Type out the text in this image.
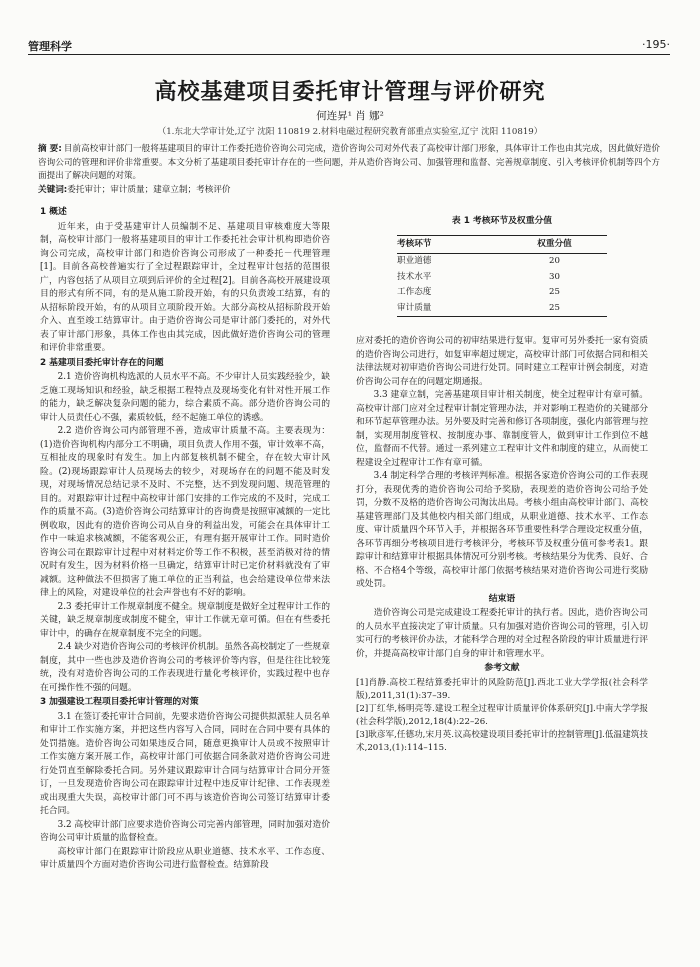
管理科学	·195·
高校基建项目委托审计管理与评价研究
何连昇¹ 肖 娜²
（1.东北大学审计处,辽宁 沈阳 110819 2.材料电磁过程研究教育部重点实验室,辽宁 沈阳 110819）
摘 要: 目前高校审计部门一般将基建项目的审计工作委托造价咨询公司完成，造价咨询公司对外代表了高校审计部门形象，具体审计工作也由其完成，因此做好造价咨询公司的管理和评价非常重要。本文分析了基建项目委托审计存在的一些问题，并从造价咨询公司、加强管理和监督、完善规章制度、引入考核评价机制等四个方面提出了解决问题的对策。
关键词:委托审计；审计质量；建章立制；考核评价
1 概述

近年来，由于受基建审计人员编制不足、基建项目审核难度大等限制，高校审计部门一般将基建项目的审计工作委托社会审计机构即造价咨询公司完成，高校审计部门和造价咨询公司形成了一种委托－代理管理[1]。目前各高校普遍实行了全过程跟踪审计，全过程审计包括的范围很广，内容包括了从项目立项到后评价的全过程[2]。目前各高校开展建设项目的形式有所不同，有的是从施工阶段开始，有的只负责竣工结算，有的从招标阶段开始，有的从项目立项阶段开始。大部分高校从招标阶段开始介入、直至竣工结算审计。由于造价咨询公司是审计部门委托的，对外代表了审计部门形象，具体工作也由其完成，因此做好造价咨询公司的管理和评价非常重要。

2 基建项目委托审计存在的问题

2.1 造价咨询机构选派的人员水平不高。不少审计人员实践经验少，缺乏施工现场知识和经验，缺乏根据工程特点及现场变化有针对性开展工作的能力，缺乏解决复杂问题的能力，综合素质不高。部分造价咨询公司的审计人员责任心不强，素质较低，经不起施工单位的诱惑。

2.2 造价咨询公司内部管理不善，造成审计质量不高。主要表现为：(1)造价咨询机构内部分工不明确，项目负责人作用不强，审计效率不高，互相扯皮的现象时有发生。加上内部复核机制不健全，存在较大审计风险。(2)现场跟踪审计人员现场去的较少，对现场存在的问题不能及时发现，对现场情况总结记录不及时、不完整，达不到发现问题、规范管理的目的。对跟踪审计过程中高校审计部门安排的工作完成的不及时，完成工作的质量不高。(3)造价咨询公司结算审计的咨询费是按照审减额的一定比例收取，因此有的造价咨询公司从自身的利益出发，可能会在具体审计工作中一味追求核减额，不能客观公正，有理有据开展审计工作。同时造价咨询公司在跟踪审计过程中对材料定价等工作不积极，甚至消极对待的情况时有发生，因为材料价格一旦确定，结算审计时已定价材料就没有了审减额。这种做法不但损害了施工单位的正当利益，也会给建设单位带来法律上的风险，对建设单位的社会声誉也有不好的影响。

2.3 委托审计工作规章制度不健全。规章制度是做好全过程审计工作的关键，缺乏规章制度或制度不健全，审计工作就无章可循。但在有些委托审计中，的确存在规章制度不完全的问题。

2.4 缺少对造价咨询公司的考核评价机制。虽然各高校制定了一些规章制度，其中一些也涉及造价咨询公司的考核评价等内容，但是往往比较笼统，没有对造价咨询公司的工作表现进行量化考核评价，实践过程中也存在可操作性不强的问题。

3 加强建设工程项目委托审计管理的对策

3.1 在签订委托审计合同前，先要求造价咨询公司提供拟派驻人员名单和审计工作实施方案，并把这些内容写入合同，同时在合同中要有具体的处罚措施。造价咨询公司如果违反合同，随意更换审计人员或不按照审计工作实施方案开展工作，高校审计部门可依据合同条款对造价咨询公司进行处罚直至解除委托合同。另外建议跟踪审计合同与结算审计合同分开签订，一旦发现造价咨询公司在跟踪审计过程中违反审计纪律、工作表现差或出现重大失误，高校审计部门可不再与该造价咨询公司签订结算审计委托合同。

3.2 高校审计部门应要求造价咨询公司完善内部管理，同时加强对造价咨询公司审计质量的监督检查。

高校审计部门在跟踪审计阶段应从职业道德、技术水平、工作态度、审计质量四个方面对造价咨询公司进行监督检查。结算阶段

表 1 考核环节及权重分值
考核环节	权重分值
职业道德	20
技术水平	30
工作态度	25
审计质量	25

应对委托的造价咨询公司的初审结果进行复审。复审可另外委托一家有资质的造价咨询公司进行，如复审率超过规定，高校审计部门可依据合同和相关法律法规对初审造价咨询公司进行处罚。同时建立工程审计例会制度，对造价咨询公司存在的问题定期通报。

3.3 建章立制，完善基建项目审计相关制度，使全过程审计有章可循。高校审计部门应对全过程审计制定管理办法，并对影响工程造价的关键部分和环节起草管理办法。另外要及时完善和修订各项制度，强化内部管理与控制，实现用制度管权、按制度办事、靠制度管人，做到审计工作到位不越位，监督而不代替。通过一系列建立工程审计文件和制度的建立，从而使工程建设全过程审计工作有章可循。

3.4 制定科学合理的考核评判标准。根据各家造价咨询公司的工作表现打分，表现优秀的造价咨询公司给予奖励，表现差的造价咨询公司给予处罚，分数不及格的造价咨询公司淘汰出局。考核小组由高校审计部门、高校基建管理部门及其他校内相关部门组成，从职业道德、技术水平、工作态度、审计质量四个环节入手，并根据各环节重要性科学合理设定权重分值，各环节再细分考核项目进行考核评分，考核环节及权重分值可参考表1。跟踪审计和结算审计根据具体情况可分别考核。考核结果分为优秀、良好、合格、不合格4个等级，高校审计部门依据考核结果对造价咨询公司进行奖励或处罚。

结束语

造价咨询公司是完成建设工程委托审计的执行者。因此，造价咨询公司的人员水平直接决定了审计质量。只有加强对造价咨询公司的管理，引入切实可行的考核评价办法，才能科学合理的对全过程各阶段的审计质量进行评价，并提高高校审计部门自身的审计和管理水平。

参考文献

[1]肖静.高校工程结算委托审计的风险防范[J].西北工业大学学报(社会科学版),2011,31(1):37–39.

[2]丁红华,杨明亮等.建设工程全过程审计质量评价体系研究[J].中南大学学报(社会科学版),2012,18(4):22–26.

[3]耿彦军,任德功,宋月英.议高校建设项目委托审计的控制管理[J].低温建筑技术,2013,(1):114–115.
